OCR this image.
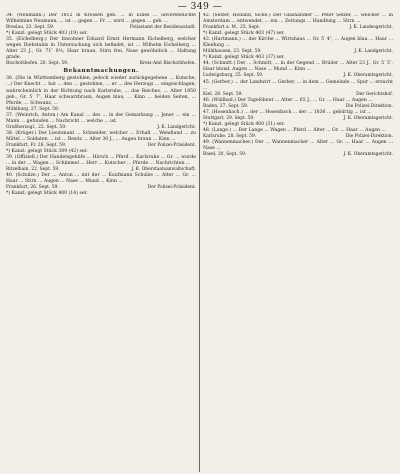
— 349 —
34. (Neumann.) Der 1812 in Krossen geb. ... in Eines ... unverehelichte Wilhelmine Neumann, ... ist ... gegen ... Fr. ... wird ... gegen ... geb. ...
Breslau, 23. Sept. 59.	Polizeiamt der Residenzstadt.
*) Kanzl. gelegt Stück 403 (19) ser.
35. (Eichelberg.) Der Inwohner Eduard Ernst Hermann Eichelberg, welcher wegen Diebstahls in Untersuchung sich befindet, ist ... Wilhelm Eichelberg ... Alter 23 J., Gr. 71″ 9½, Haar braun, Stirn frei, Nase gewöhnlich ... Haltung grade.
Bischofshofen, 20. Sept. 59.	Kreis-Amt Bischofshofen.
Bekanntmachungen.
36. (Die in Württemberg gestohlen, jedoch wieder zurückgegebene ... Kutsche, ...) Der Knecht ... hat ... den ... gestohlen, ... er ... des Herzogs ... eingeschlagen, wahrscheinlich in der Richtung nach Karlsruhe, ... das Reiches, ... Alter 1850 geb., Gr. 5′ 7″, Haar schwarzbraun, Augen blau, ... Kinn ... beiden Seiten, ... Pferde, ... Schwanz, ...
Mühlburg, 27. Sept. 59.
37. (Weinrich, Anton.) Am Kanal ... des ... in der Gemarkung ... Jener ... ein ... Mann ... gefunden ... Nachricht ... welche ... ist.
Großherzogl., 22. Sept. 59.	J. K. Landgericht.
38. (Krüger.) Der Lieutenant ... Schneider, welcher ... Erhalt ... Wendland ... zu Miltel ... Soldaten ... ist ... Besitz ... Alter 30 J., ... Augen braun ... Kinn ...
Frankfurt, Fr. 26. Sept. 59.	Der Polizei-Präsident.
*) Kanzl. gelegt Stück 389 (42) ser.
39. (Offiziell.) Der Handelsgehilfe ... Hirsch ... Pferd ... Karlsruhe ... Gr. ... wurde ... in der ... Wagen ... Schimmel ... Herr ... Kutscher ... Pferde ... Nachrichten ...
Ritzelhain, 22. Sept. 59.	J. K. Oberstaatsanwaltschaft.
40. (Schulze.) Der ... Anton ... mit der ... Kaufmann Schulze ... Alter ... Gr. ... Haar ... Stirn ... Augen ... Nase ... Mund ... Kinn ...
Frankfurt, 26. Sept. 59.	Der Polizei-Präsident.
*) Kanzl. gelegt Stück 400 (14) ser.
42. (Selzer, Holland, Sicke.) Der Glashändler ... Peter Selzer, ... welcher ... in Amsterdam ... entwendet, ... ein ... Zeitungs ... Handlung ... Stirn ...
Frankfurt a. M., 25. Sept.	J. K. Landesgericht.
*) Kanzl. gelegt Stück 403 (47) ser.
43. (Hartmann.) ... der Kirche ... Wirtshaus ... Gr. 5′ 4″, ... Augen blau ... Haar ... Kleidung ...
Mühlhausen, 23. Sept. 59.	J. K. Landgericht.
*) Kanzl. gelegt Stück 403 (37) ser.
44. (Schmitt.) Der ... Schmitt, ... in der Gegend ... Brüder ... Alter 23 J., Gr. 5′ 5″, Haar blond, Augen ... Nase ... Mund ... Kinn ...
Ludwigsburg, 25. Sept. 59.	J. K. Oberamtsgericht.
45. (Gerber.) ... der Landwirt ... Gerber, ... in dem ... Gemeinde ... Spur ... ersucht ...
Kiel, 28. Sept. 59.	Der Gerichtshof.
46. (Wildbad.) Der Tagelöhner ... Alter ... 65 J., ... Gr. ... Haar ... Augen ...
Baden, 27. Sept. 59.	Die Polizei-Direktion.
47. (Hosenbach.) ... der ... Hosenbach ... der ... 1836 ... gebürtig ... ist ...
Stuttgart, 29. Sept. 59.	J. K. Oberamtsgericht.
*) Kanzl. gelegt Stück 400 (31) ser.
48. (Lange.) ... Der Lange ... Wagen ... Pferd ... Alter ... Gr. ... Haar ... Augen ...
Karlsruhe, 28. Sept. 59.	Die Polizei-Direktion.
49. (Wannenmacher.) Der ... Wannenmacher ... Alter ... Gr. ... Haar ... Augen ... Nase ...
Basel, 20. Sept. 59.	J. K. Oberamtsgericht.
